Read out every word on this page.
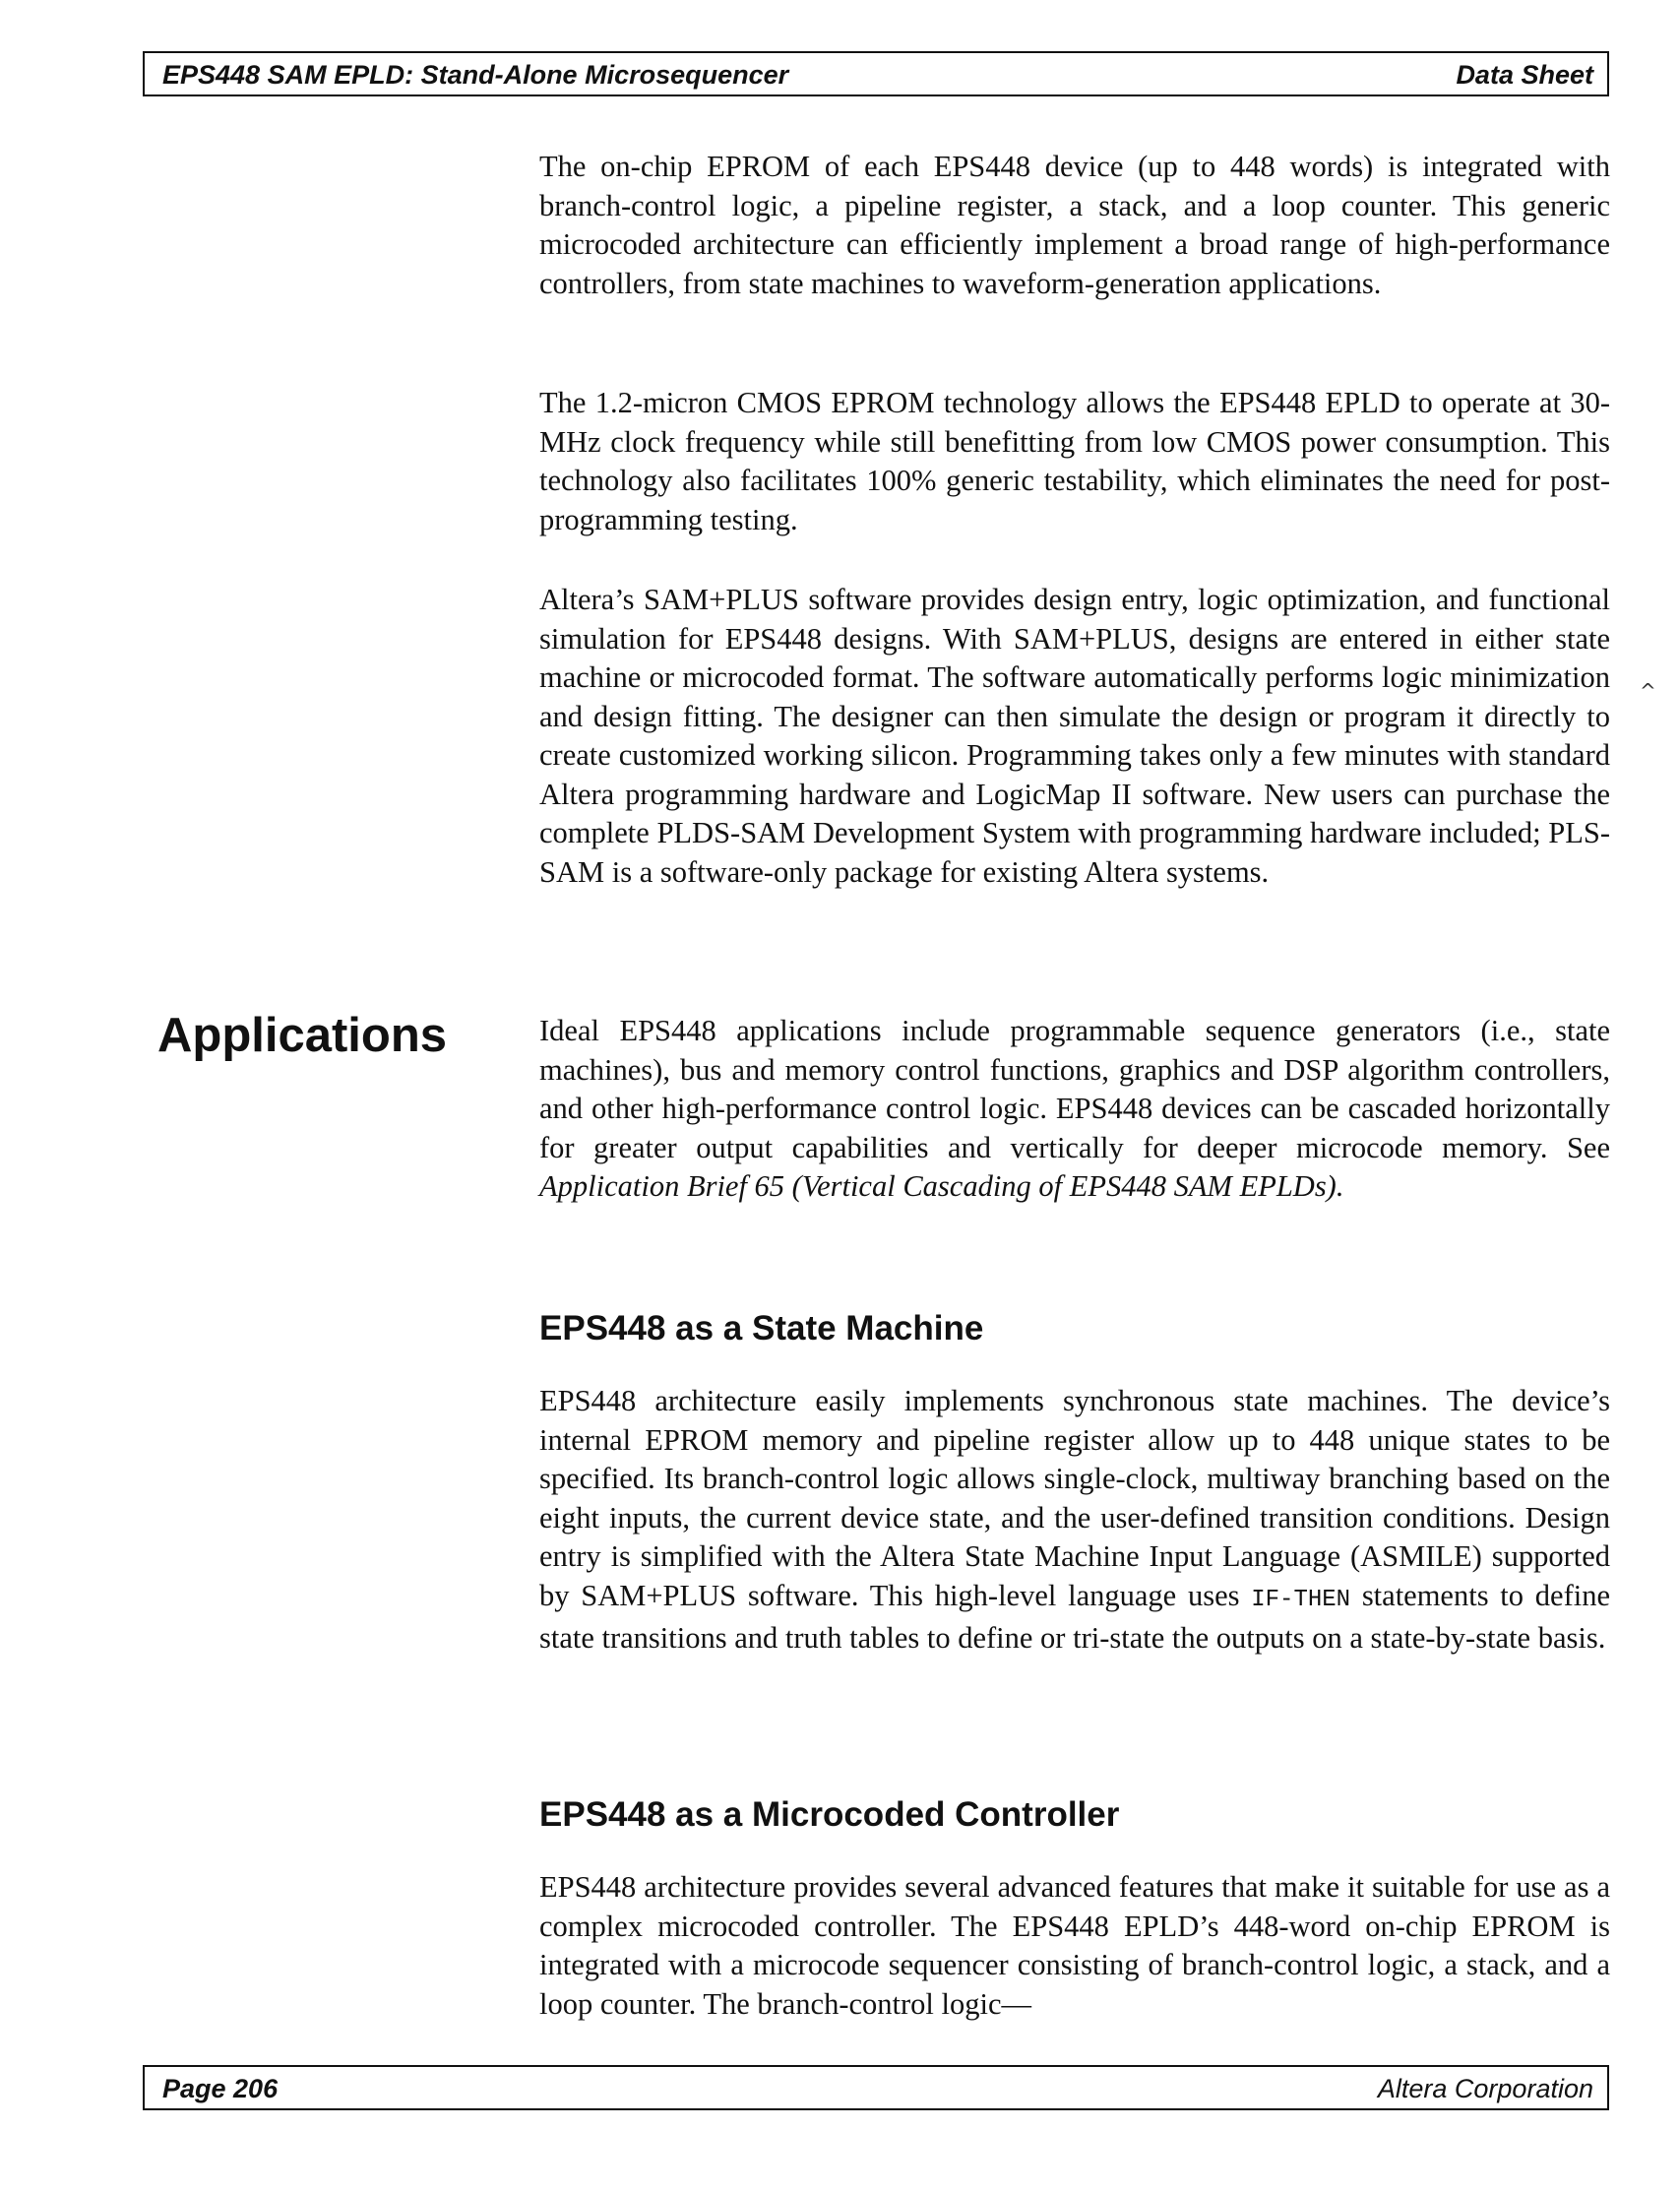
EPS448 SAM EPLD: Stand-Alone Microsequencer	Data Sheet

The on-chip EPROM of each EPS448 device (up to 448 words) is integrated with branch-control logic, a pipeline register, a stack, and a loop counter. This generic microcoded architecture can efficiently implement a broad range of high-performance controllers, from state machines to waveform-generation applications.

The 1.2-micron CMOS EPROM technology allows the EPS448 EPLD to operate at 30-MHz clock frequency while still benefitting from low CMOS power consumption. This technology also facilitates 100% generic testability, which eliminates the need for post-programming testing.

Altera’s SAM+PLUS software provides design entry, logic optimization, and functional simulation for EPS448 designs. With SAM+PLUS, designs are entered in either state machine or microcoded format. The software automatically performs logic minimization and design fitting. The designer can then simulate the design or program it directly to create customized working silicon. Programming takes only a few minutes with standard Altera programming hardware and LogicMap II software. New users can purchase the complete PLDS-SAM Development System with programming hardware included; PLS-SAM is a software-only package for existing Altera systems.

^
Applications	Ideal EPS448 applications include programmable sequence generators (i.e., state machines), bus and memory control functions, graphics and DSP algorithm controllers, and other high-performance control logic. EPS448 devices can be cascaded horizontally for greater output capabilities and vertically for deeper microcode memory. See Application Brief 65 (Vertical Cascading of EPS448 SAM EPLDs).

EPS448 as a State Machine

EPS448 architecture easily implements synchronous state machines. The device’s internal EPROM memory and pipeline register allow up to 448 unique states to be specified. Its branch-control logic allows single-clock, multiway branching based on the eight inputs, the current device state, and the user-defined transition conditions. Design entry is simplified with the Altera State Machine Input Language (ASMILE) supported by SAM+PLUS software. This high-level language uses IF-THEN statements to define state transitions and truth tables to define or tri-state the outputs on a state-by-state basis.

EPS448 as a Microcoded Controller

EPS448 architecture provides several advanced features that make it suitable for use as a complex microcoded controller. The EPS448 EPLD’s 448-word on-chip EPROM is integrated with a microcode sequencer consisting of branch-control logic, a stack, and a loop counter. The branch-control logic—

Page 206	Altera Corporation
